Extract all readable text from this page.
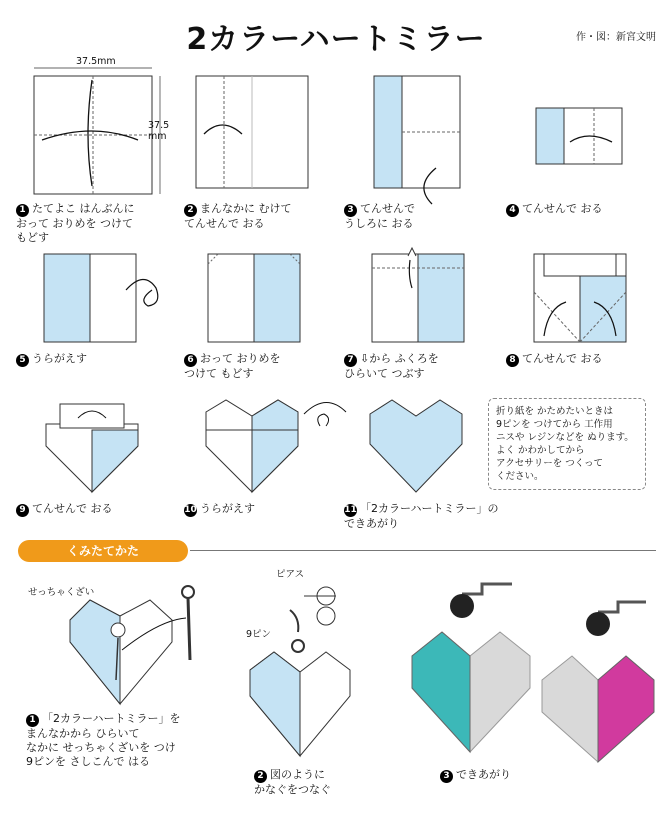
2カラーハートミラー	作・図：新宮文明
37.5mm
37.5
mm
1 たてよこ はんぶんに
おって おりめを つけて
もどす
2 まんなかに むけて
てんせんで おる
3 てんせんで
うしろに おる
4 てんせんで おる
5 うらがえす	6 おって おりめを
つけて もどす
7 ⇩から ふくろを
ひらいて つぶす
8 てんせんで おる
折り紙を かためたいときは
9ピンを つけてから 工作用
ニスや レジンなどを ぬります。
よく かわかしてから
アクセサリーを つくって
ください。
9 てんせんで おる	10 うらがえす	11 「2カラーハートミラー」の
できあがり
くみたてかた
せっちゃくざい
ピアス
9ピン
1 「2カラーハートミラー」を
まんなかから ひらいて
なかに せっちゃくざいを つけ
9ピンを さしこんで はる
2 図のように
かなぐをつなぐ
3 できあがり
